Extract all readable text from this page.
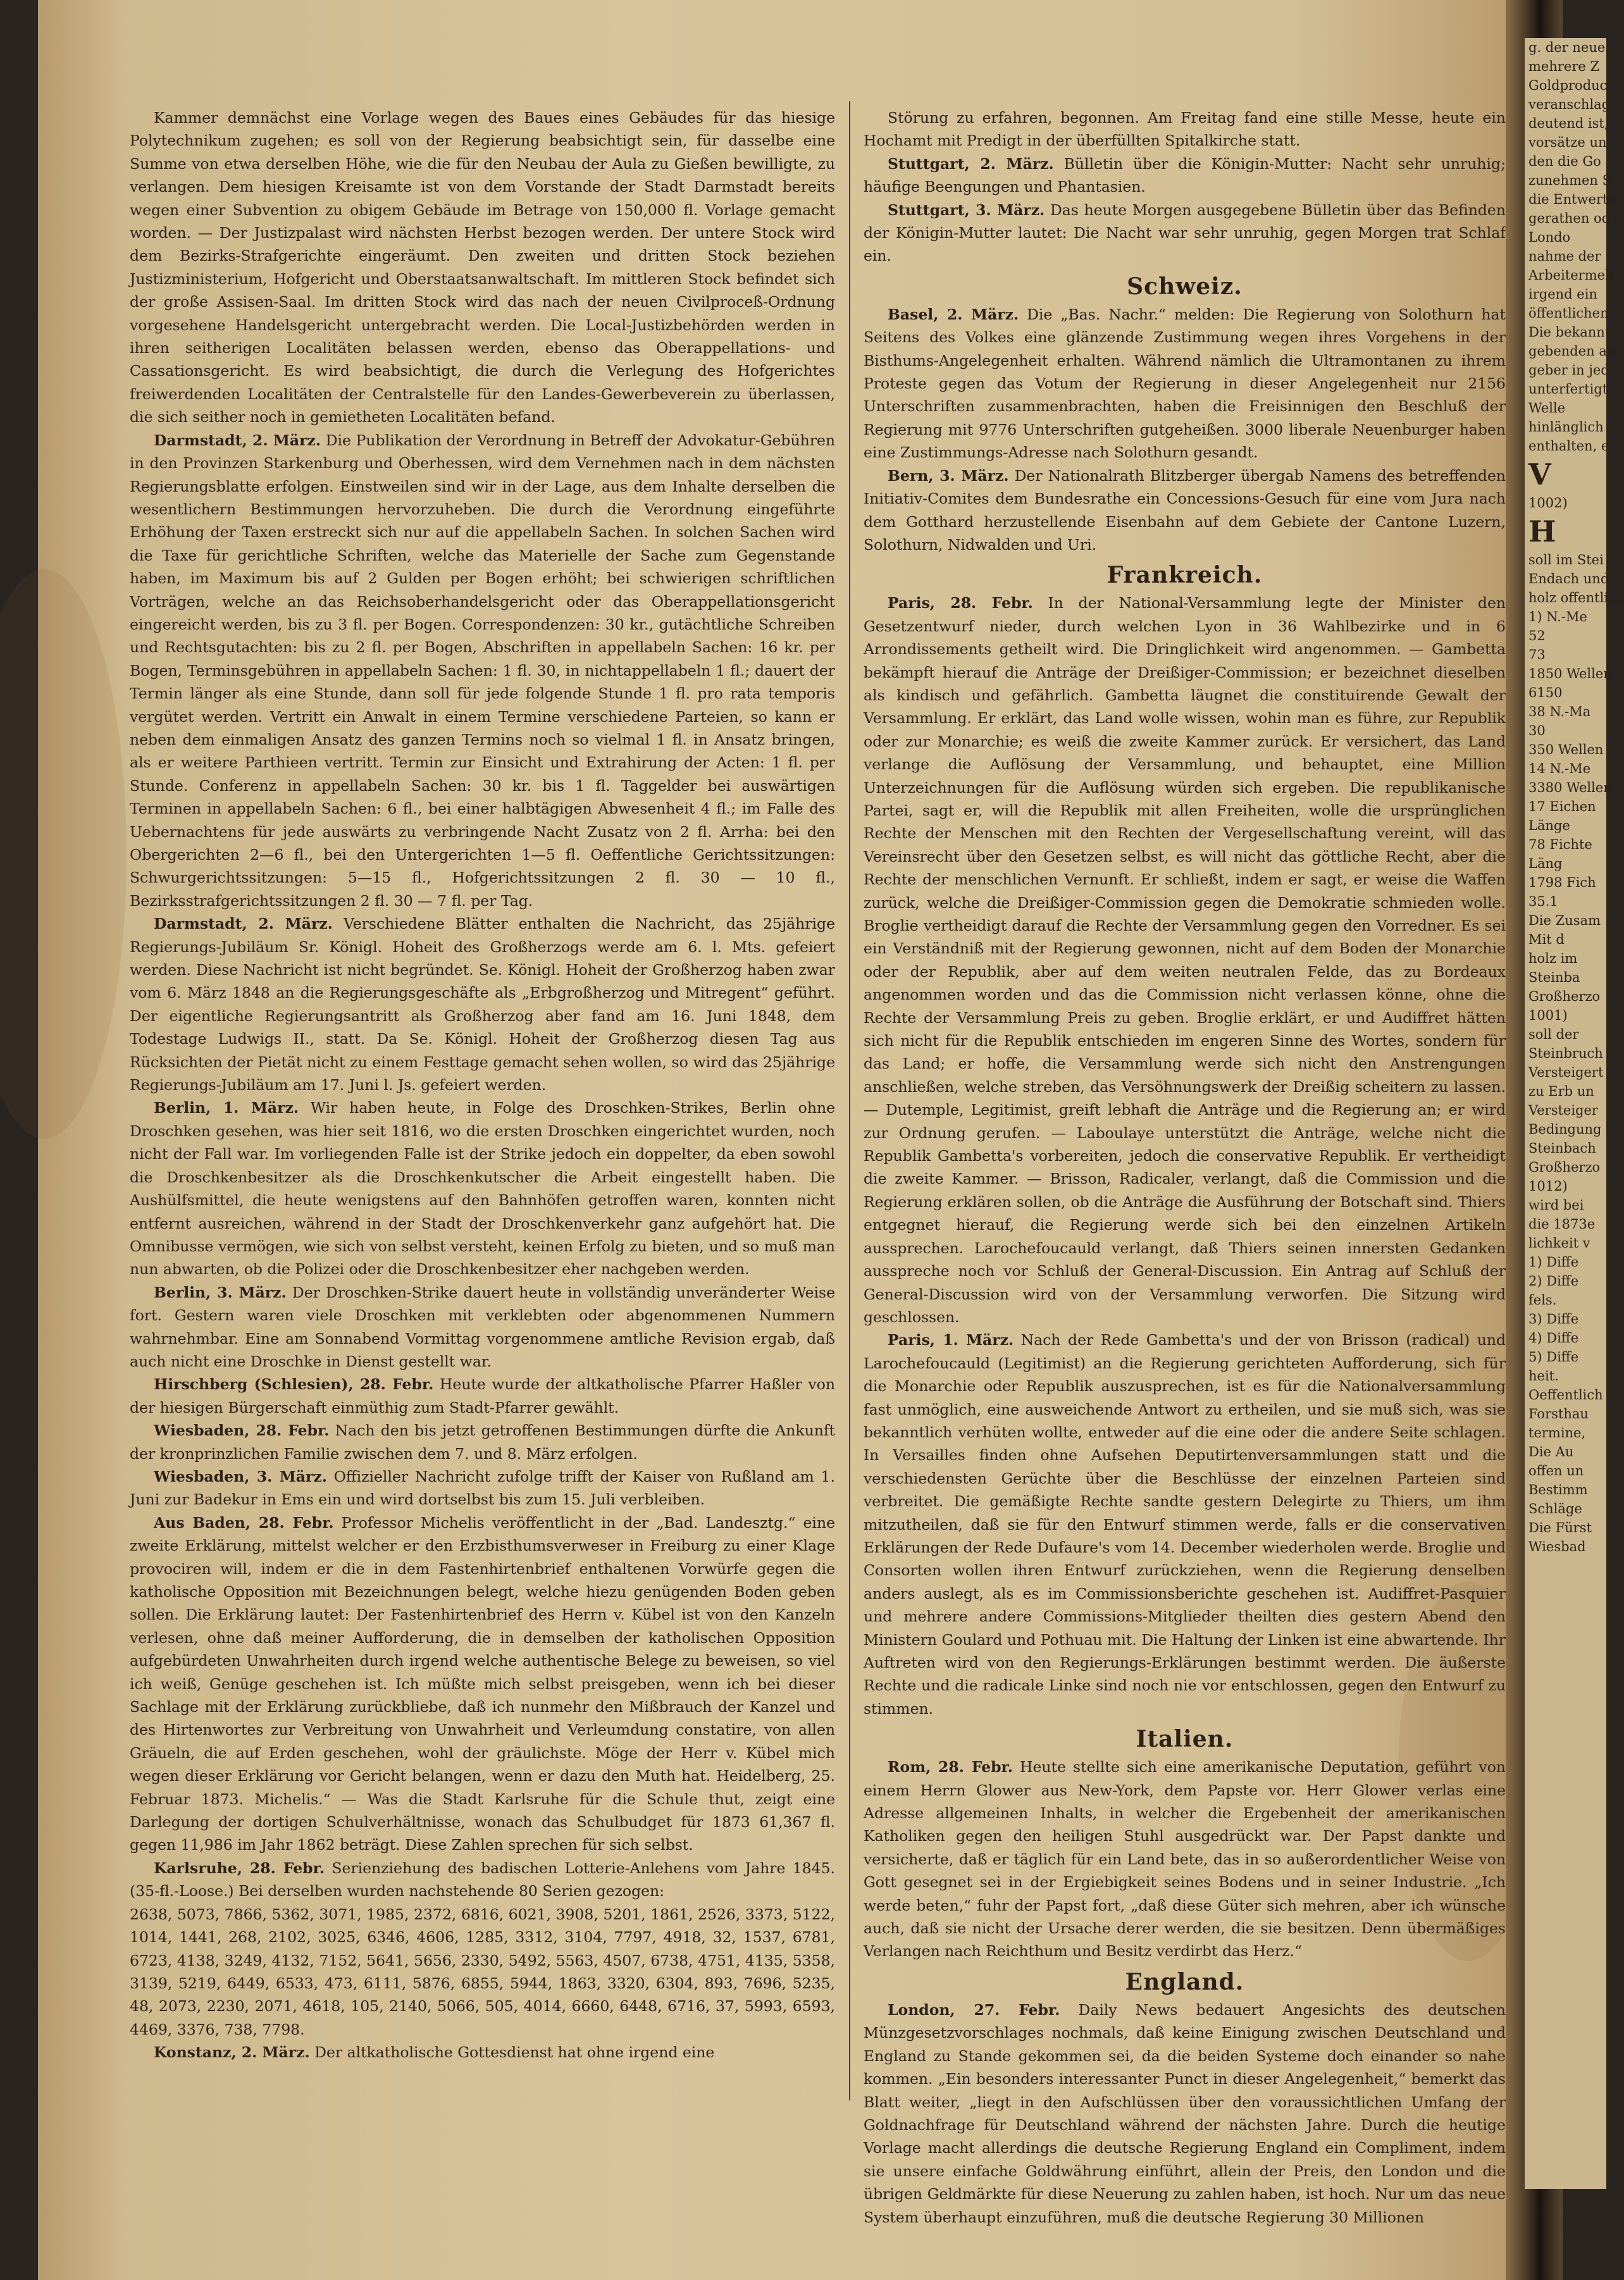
Kammer demnächst eine Vorlage wegen des Baues eines Gebäudes für das hiesige Polytechnikum zugehen; es soll von der Regierung beabsichtigt sein, für dasselbe eine Summe von etwa derselben Höhe, wie die für den Neubau der Aula zu Gießen bewilligte, zu verlangen. Dem hiesigen Kreisamte ist von dem Vorstande der Stadt Darmstadt bereits wegen einer Subvention zu obigem Gebäude im Betrage von 150,000 fl. Vorlage gemacht worden. — Der Justizpalast wird nächsten Herbst bezogen werden. Der untere Stock wird dem Bezirks-Strafgerichte eingeräumt. Den zweiten und dritten Stock beziehen Justizministerium, Hofgericht und Oberstaatsanwaltschaft. Im mittleren Stock befindet sich der große Assisen-Saal. Im dritten Stock wird das nach der neuen Civilproceß-Ordnung vorgesehene Handelsgericht untergebracht werden. Die Local-Justizbehörden werden in ihren seitherigen Localitäten belassen werden, ebenso das Oberappellations- und Cassationsgericht. Es wird beabsichtigt, die durch die Verlegung des Hofgerichtes freiwerdenden Localitäten der Centralstelle für den Landes-Gewerbeverein zu überlassen, die sich seither noch in gemietheten Localitäten befand.

Darmstadt, 2. März. Die Publikation der Verordnung in Betreff der Advokatur-Gebühren in den Provinzen Starkenburg und Oberhessen, wird dem Vernehmen nach in dem nächsten Regierungsblatte erfolgen. Einstweilen sind wir in der Lage, aus dem Inhalte derselben die wesentlichern Bestimmungen hervorzuheben. Die durch die Verordnung eingeführte Erhöhung der Taxen erstreckt sich nur auf die appellabeln Sachen. In solchen Sachen wird die Taxe für gerichtliche Schriften, welche das Materielle der Sache zum Gegenstande haben, im Maximum bis auf 2 Gulden per Bogen erhöht; bei schwierigen schriftlichen Vorträgen, welche an das Reichsoberhandelsgericht oder das Oberappellationsgericht eingereicht werden, bis zu 3 fl. per Bogen. Correspondenzen: 30 kr., gutächtliche Schreiben und Rechtsgutachten: bis zu 2 fl. per Bogen, Abschriften in appellabeln Sachen: 16 kr. per Bogen, Terminsgebühren in appellabeln Sachen: 1 fl. 30, in nichtappellabeln 1 fl.; dauert der Termin länger als eine Stunde, dann soll für jede folgende Stunde 1 fl. pro rata temporis vergütet werden. Vertritt ein Anwalt in einem Termine verschiedene Parteien, so kann er neben dem einmaligen Ansatz des ganzen Termins noch so vielmal 1 fl. in Ansatz bringen, als er weitere Parthieen vertritt. Termin zur Einsicht und Extrahirung der Acten: 1 fl. per Stunde. Conferenz in appellabeln Sachen: 30 kr. bis 1 fl. Taggelder bei auswärtigen Terminen in appellabeln Sachen: 6 fl., bei einer halbtägigen Abwesenheit 4 fl.; im Falle des Uebernachtens für jede auswärts zu verbringende Nacht Zusatz von 2 fl. Arrha: bei den Obergerichten 2—6 fl., bei den Untergerichten 1—5 fl. Oeffentliche Gerichtssitzungen: Schwurgerichtssitzungen: 5—15 fl., Hofgerichtssitzungen 2 fl. 30 — 10 fl., Bezirksstrafgerichtssitzungen 2 fl. 30 — 7 fl. per Tag.

Darmstadt, 2. März. Verschiedene Blätter enthalten die Nachricht, das 25jährige Regierungs-Jubiläum Sr. Königl. Hoheit des Großherzogs werde am 6. l. Mts. gefeiert werden. Diese Nachricht ist nicht begründet. Se. Königl. Hoheit der Großherzog haben zwar vom 6. März 1848 an die Regierungsgeschäfte als „Erbgroßherzog und Mitregent“ geführt. Der eigentliche Regierungsantritt als Großherzog aber fand am 16. Juni 1848, dem Todestage Ludwigs II., statt. Da Se. Königl. Hoheit der Großherzog diesen Tag aus Rücksichten der Pietät nicht zu einem Festtage gemacht sehen wollen, so wird das 25jährige Regierungs-Jubiläum am 17. Juni l. Js. gefeiert werden.

Berlin, 1. März. Wir haben heute, in Folge des Droschken-Strikes, Berlin ohne Droschken gesehen, was hier seit 1816, wo die ersten Droschken eingerichtet wurden, noch nicht der Fall war. Im vorliegenden Falle ist der Strike jedoch ein doppelter, da eben sowohl die Droschkenbesitzer als die Droschkenkutscher die Arbeit eingestellt haben. Die Aushülfsmittel, die heute wenigstens auf den Bahnhöfen getroffen waren, konnten nicht entfernt ausreichen, während in der Stadt der Droschkenverkehr ganz aufgehört hat. Die Omnibusse vermögen, wie sich von selbst versteht, keinen Erfolg zu bieten, und so muß man nun abwarten, ob die Polizei oder die Droschkenbesitzer eher nachgeben werden.

Berlin, 3. März. Der Droschken-Strike dauert heute in vollständig unveränderter Weise fort. Gestern waren viele Droschken mit verklebten oder abgenommenen Nummern wahrnehmbar. Eine am Sonnabend Vormittag vorgenommene amtliche Revision ergab, daß auch nicht eine Droschke in Dienst gestellt war.

Hirschberg (Schlesien), 28. Febr. Heute wurde der altkatholische Pfarrer Haßler von der hiesigen Bürgerschaft einmüthig zum Stadt-Pfarrer gewählt.

Wiesbaden, 28. Febr. Nach den bis jetzt getroffenen Bestimmungen dürfte die Ankunft der kronprinzlichen Familie zwischen dem 7. und 8. März erfolgen.

Wiesbaden, 3. März. Offizieller Nachricht zufolge trifft der Kaiser von Rußland am 1. Juni zur Badekur in Ems ein und wird dortselbst bis zum 15. Juli verbleiben.

Aus Baden, 28. Febr. Professor Michelis veröffentlicht in der „Bad. Landesztg.“ eine zweite Erklärung, mittelst welcher er den Erzbisthumsverweser in Freiburg zu einer Klage provociren will, indem er die in dem Fastenhirtenbrief enthaltenen Vorwürfe gegen die katholische Opposition mit Bezeichnungen belegt, welche hiezu genügenden Boden geben sollen. Die Erklärung lautet: Der Fastenhirtenbrief des Herrn v. Kübel ist von den Kanzeln verlesen, ohne daß meiner Aufforderung, die in demselben der katholischen Opposition aufgebürdeten Unwahrheiten durch irgend welche authentische Belege zu beweisen, so viel ich weiß, Genüge geschehen ist. Ich müßte mich selbst preisgeben, wenn ich bei dieser Sachlage mit der Erklärung zurückbliebe, daß ich nunmehr den Mißbrauch der Kanzel und des Hirtenwortes zur Verbreitung von Unwahrheit und Verleumdung constatire, von allen Gräueln, die auf Erden geschehen, wohl der gräulichste. Möge der Herr v. Kübel mich wegen dieser Erklärung vor Gericht belangen, wenn er dazu den Muth hat. Heidelberg, 25. Februar 1873. Michelis.“ — Was die Stadt Karlsruhe für die Schule thut, zeigt eine Darlegung der dortigen Schulverhältnisse, wonach das Schulbudget für 1873 61,367 fl. gegen 11,986 im Jahr 1862 beträgt. Diese Zahlen sprechen für sich selbst.

Karlsruhe, 28. Febr. Serienziehung des badischen Lotterie-Anlehens vom Jahre 1845. (35-fl.-Loose.) Bei derselben wurden nachstehende 80 Serien gezogen:

2638, 5073, 7866, 5362, 3071, 1985, 2372, 6816, 6021, 3908, 5201, 1861, 2526, 3373, 5122, 1014, 1441, 268, 2102, 3025, 6346, 4606, 1285, 3312, 3104, 7797, 4918, 32, 1537, 6781, 6723, 4138, 3249, 4132, 7152, 5641, 5656, 2330, 5492, 5563, 4507, 6738, 4751, 4135, 5358, 3139, 5219, 6449, 6533, 473, 6111, 5876, 6855, 5944, 1863, 3320, 6304, 893, 7696, 5235, 48, 2073, 2230, 2071, 4618, 105, 2140, 5066, 505, 4014, 6660, 6448, 6716, 37, 5993, 6593, 4469, 3376, 738, 7798.

Konstanz, 2. März. Der altkatholische Gottesdienst hat ohne irgend eine

Störung zu erfahren, begonnen. Am Freitag fand eine stille Messe, heute ein Hochamt mit Predigt in der überfüllten Spitalkirche statt.

Stuttgart, 2. März. Bülletin über die Königin-Mutter: Nacht sehr unruhig; häufige Beengungen und Phantasien.

Stuttgart, 3. März. Das heute Morgen ausgegebene Bülletin über das Befinden der Königin-Mutter lautet: Die Nacht war sehr unruhig, gegen Morgen trat Schlaf ein.

Schweiz.

Basel, 2. März. Die „Bas. Nachr.“ melden: Die Regierung von Solothurn hat Seitens des Volkes eine glänzende Zustimmung wegen ihres Vorgehens in der Bisthums-Angelegenheit erhalten. Während nämlich die Ultramontanen zu ihrem Proteste gegen das Votum der Regierung in dieser Angelegenheit nur 2156 Unterschriften zusammenbrachten, haben die Freisinnigen den Beschluß der Regierung mit 9776 Unterschriften gutgeheißen. 3000 liberale Neuenburger haben eine Zustimmungs-Adresse nach Solothurn gesandt.

Bern, 3. März. Der Nationalrath Blitzberger übergab Namens des betreffenden Initiativ-Comites dem Bundesrathe ein Concessions-Gesuch für eine vom Jura nach dem Gotthard herzustellende Eisenbahn auf dem Gebiete der Cantone Luzern, Solothurn, Nidwalden und Uri.

Frankreich.

Paris, 28. Febr. In der National-Versammlung legte der Minister den Gesetzentwurf nieder, durch welchen Lyon in 36 Wahlbezirke und in 6 Arrondissements getheilt wird. Die Dringlichkeit wird angenommen. — Gambetta bekämpft hierauf die Anträge der Dreißiger-Commission; er bezeichnet dieselben als kindisch und gefährlich. Gambetta läugnet die constituirende Gewalt der Versammlung. Er erklärt, das Land wolle wissen, wohin man es führe, zur Republik oder zur Monarchie; es weiß die zweite Kammer zurück. Er versichert, das Land verlange die Auflösung der Versammlung, und behauptet, eine Million Unterzeichnungen für die Auflösung würden sich ergeben. Die republikanische Partei, sagt er, will die Republik mit allen Freiheiten, wolle die ursprünglichen Rechte der Menschen mit den Rechten der Vergesellschaftung vereint, will das Vereinsrecht über den Gesetzen selbst, es will nicht das göttliche Recht, aber die Rechte der menschlichen Vernunft. Er schließt, indem er sagt, er weise die Waffen zurück, welche die Dreißiger-Commission gegen die Demokratie schmieden wolle. Broglie vertheidigt darauf die Rechte der Versammlung gegen den Vorredner. Es sei ein Verständniß mit der Regierung gewonnen, nicht auf dem Boden der Monarchie oder der Republik, aber auf dem weiten neutralen Felde, das zu Bordeaux angenommen worden und das die Commission nicht verlassen könne, ohne die Rechte der Versammlung Preis zu geben. Broglie erklärt, er und Audiffret hätten sich nicht für die Republik entschieden im engeren Sinne des Wortes, sondern für das Land; er hoffe, die Versammlung werde sich nicht den Anstrengungen anschließen, welche streben, das Versöhnungswerk der Dreißig scheitern zu lassen. — Dutemple, Legitimist, greift lebhaft die Anträge und die Regierung an; er wird zur Ordnung gerufen. — Laboulaye unterstützt die Anträge, welche nicht die Republik Gambetta's vorbereiten, jedoch die conservative Republik. Er vertheidigt die zweite Kammer. — Brisson, Radicaler, verlangt, daß die Commission und die Regierung erklären sollen, ob die Anträge die Ausführung der Botschaft sind. Thiers entgegnet hierauf, die Regierung werde sich bei den einzelnen Artikeln aussprechen. Larochefoucauld verlangt, daß Thiers seinen innersten Gedanken ausspreche noch vor Schluß der General-Discussion. Ein Antrag auf Schluß der General-Discussion wird von der Versammlung verworfen. Die Sitzung wird geschlossen.

Paris, 1. März. Nach der Rede Gambetta's und der von Brisson (radical) und Larochefoucauld (Legitimist) an die Regierung gerichteten Aufforderung, sich für die Monarchie oder Republik auszusprechen, ist es für die Nationalversammlung fast unmöglich, eine ausweichende Antwort zu ertheilen, und sie muß sich, was sie bekanntlich verhüten wollte, entweder auf die eine oder die andere Seite schlagen. In Versailles finden ohne Aufsehen Deputirtenversammlungen statt und die verschiedensten Gerüchte über die Beschlüsse der einzelnen Parteien sind verbreitet. Die gemäßigte Rechte sandte gestern Delegirte zu Thiers, um ihm mitzutheilen, daß sie für den Entwurf stimmen werde, falls er die conservativen Erklärungen der Rede Dufaure's vom 14. December wiederholen werde. Broglie und Consorten wollen ihren Entwurf zurückziehen, wenn die Regierung denselben anders auslegt, als es im Commissionsberichte geschehen ist. Audiffret-Pasquier und mehrere andere Commissions-Mitglieder theilten dies gestern Abend den Ministern Goulard und Pothuau mit. Die Haltung der Linken ist eine abwartende. Ihr Auftreten wird von den Regierungs-Erklärungen bestimmt werden. Die äußerste Rechte und die radicale Linke sind noch nie vor entschlossen, gegen den Entwurf zu stimmen.

Italien.

Rom, 28. Febr. Heute stellte sich eine amerikanische Deputation, geführt von einem Herrn Glower aus New-York, dem Papste vor. Herr Glower verlas eine Adresse allgemeinen Inhalts, in welcher die Ergebenheit der amerikanischen Katholiken gegen den heiligen Stuhl ausgedrückt war. Der Papst dankte und versicherte, daß er täglich für ein Land bete, das in so außerordentlicher Weise von Gott gesegnet sei in der Ergiebigkeit seines Bodens und in seiner Industrie. „Ich werde beten,“ fuhr der Papst fort, „daß diese Güter sich mehren, aber ich wünsche auch, daß sie nicht der Ursache derer werden, die sie besitzen. Denn übermäßiges Verlangen nach Reichthum und Besitz verdirbt das Herz.“

England.

London, 27. Febr. Daily News bedauert Angesichts des deutschen Münzgesetzvorschlages nochmals, daß keine Einigung zwischen Deutschland und England zu Stande gekommen sei, da die beiden Systeme doch einander so nahe kommen. „Ein besonders interessanter Punct in dieser Angelegenheit,“ bemerkt das Blatt weiter, „liegt in den Aufschlüssen über den voraussichtlichen Umfang der Goldnachfrage für Deutschland während der nächsten Jahre. Durch die heutige Vorlage macht allerdings die deutsche Regierung England ein Compliment, indem sie unsere einfache Goldwährung einführt, allein der Preis, den London und die übrigen Geldmärkte für diese Neuerung zu zahlen haben, ist hoch. Nur um das neue System überhaupt einzuführen, muß die deutsche Regierung 30 Millionen

g. der neue
mehrere Z
Goldproduc
veranschlag
deutend ist,
vorsätze un
den die Go
zunehmen S
die Entwerth
gerathen od
Londo
nahme der
Arbeitermeh
irgend ein
öffentlichen
Die bekannt
gebenden an
geber in jed
unterfertigt
Welle
hinlänglich
enthalten, e
V
1002)
H
soll im Stei
Endach und
holz offentlich
1) N.-Me
52
73
1850 Wellen
6150
38 N.-Ma
30
350 Wellen
14 N.-Me
3380 Wellen
17 Eichen
Länge
78 Fichte
Läng
1798 Fich
35.1
Die Zusam
Mit d
holz im
Steinba
Großherzo
1001)
soll der
Steinbruch
Versteigert
zu Erb un
Versteiger
Bedingung
Steinbach
Großherzo
1012)
wird bei
die 1873e
lichkeit v
1) Diffe
2) Diffe
fels.
3) Diffe
4) Diffe
5) Diffe
heit.
Oeffentlich
Forsthau
termine,
Die Au
offen un
Bestimm
Schläge
Die Fürst
Wiesbad
